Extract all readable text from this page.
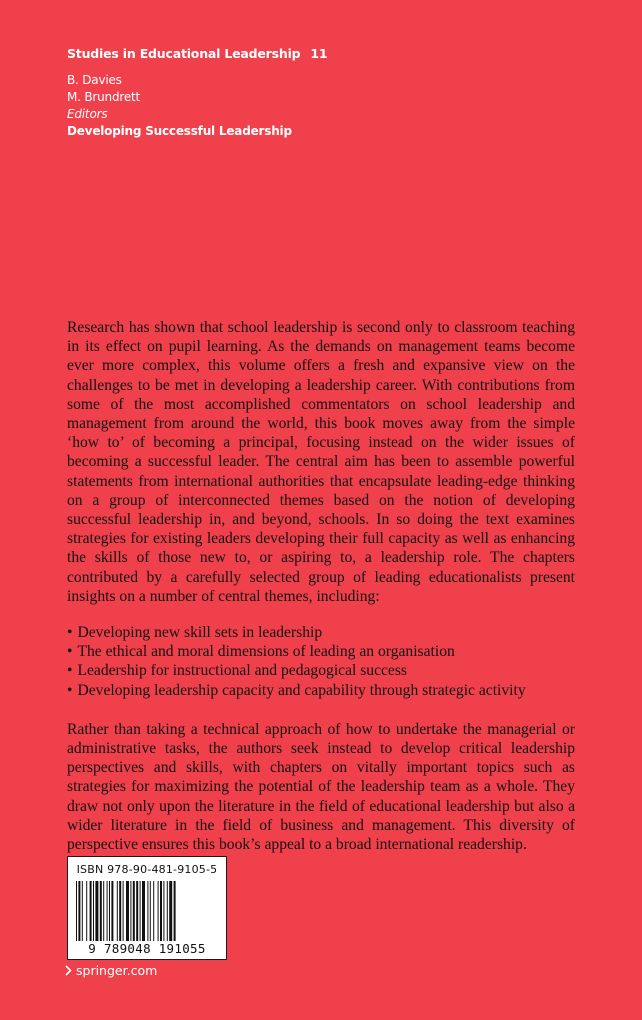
Studies in Educational Leadership 11
B. Davies
M. Brundrett
Editors
Developing Successful Leadership

Research has shown that school leadership is second only to classroom teaching in its effect on pupil learning. As the demands on management teams become ever more complex, this volume offers a fresh and expansive view on the challenges to be met in developing a leadership career. With contributions from some of the most accomplished commentators on school leadership and management from around the world, this book moves away from the simple ‘how to’ of becoming a principal, focusing instead on the wider issues of becoming a successful leader. The central aim has been to assemble powerful statements from international authorities that encapsulate leading-edge thinking on a group of interconnected themes based on the notion of developing successful leadership in, and beyond, schools. In so doing the text examines strategies for existing leaders developing their full capacity as well as enhancing the skills of those new to, or aspiring to, a leadership role. The chapters contributed by a carefully selected group of leading educationalists present insights on a number of central themes, including:

• Developing new skill sets in leadership
• The ethical and moral dimensions of leading an organisation
• Leadership for instructional and pedagogical success
• Developing leadership capacity and capability through strategic activity

Rather than taking a technical approach of how to undertake the managerial or administrative tasks, the authors seek instead to develop critical leadership perspectives and skills, with chapters on vitally important topics such as strategies for maximizing the potential of the leadership team as a whole. They draw not only upon the literature in the field of educational leadership but also a wider literature in the field of business and management. This diversity of perspective ensures this book’s appeal to a broad international readership.

ISBN 978-90-481-9105-5
9 789048 191055
springer.com
